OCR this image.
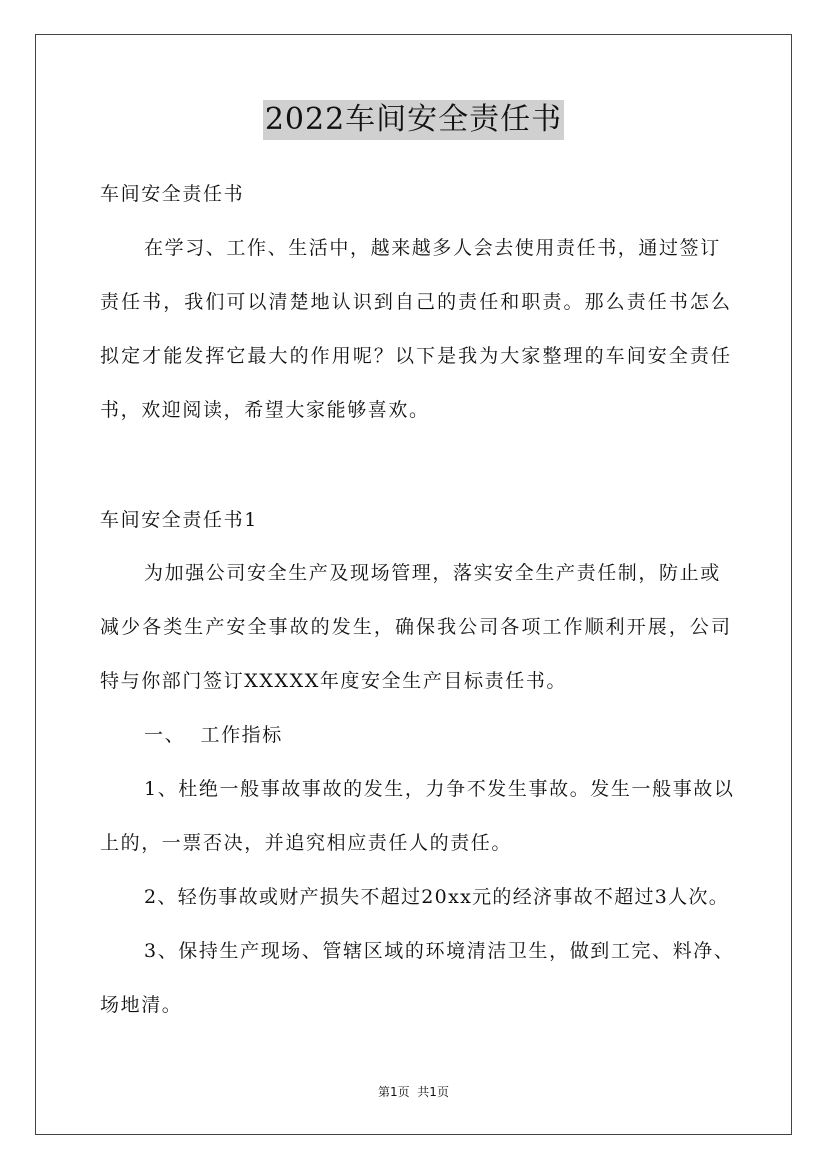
2022车间安全责任书
车间安全责任书
在学习、工作、生活中，越来越多人会去使用责任书，通过签订
责任书，我们可以清楚地认识到自己的责任和职责。那么责任书怎么
拟定才能发挥它最大的作用呢？以下是我为大家整理的车间安全责任
书，欢迎阅读，希望大家能够喜欢。
车间安全责任书1
为加强公司安全生产及现场管理，落实安全生产责任制，防止或
减少各类生产安全事故的发生，确保我公司各项工作顺利开展，公司
特与你部门签订XXXXX年度安全生产目标责任书。
一、  工作指标
1、杜绝一般事故事故的发生，力争不发生事故。发生一般事故以
上的，一票否决，并追究相应责任人的责任。
2、轻伤事故或财产损失不超过20xx元的经济事故不超过3人次。
3、保持生产现场、管辖区域的环境清洁卫生，做到工完、料净、
场地清。
第1页  共1页
